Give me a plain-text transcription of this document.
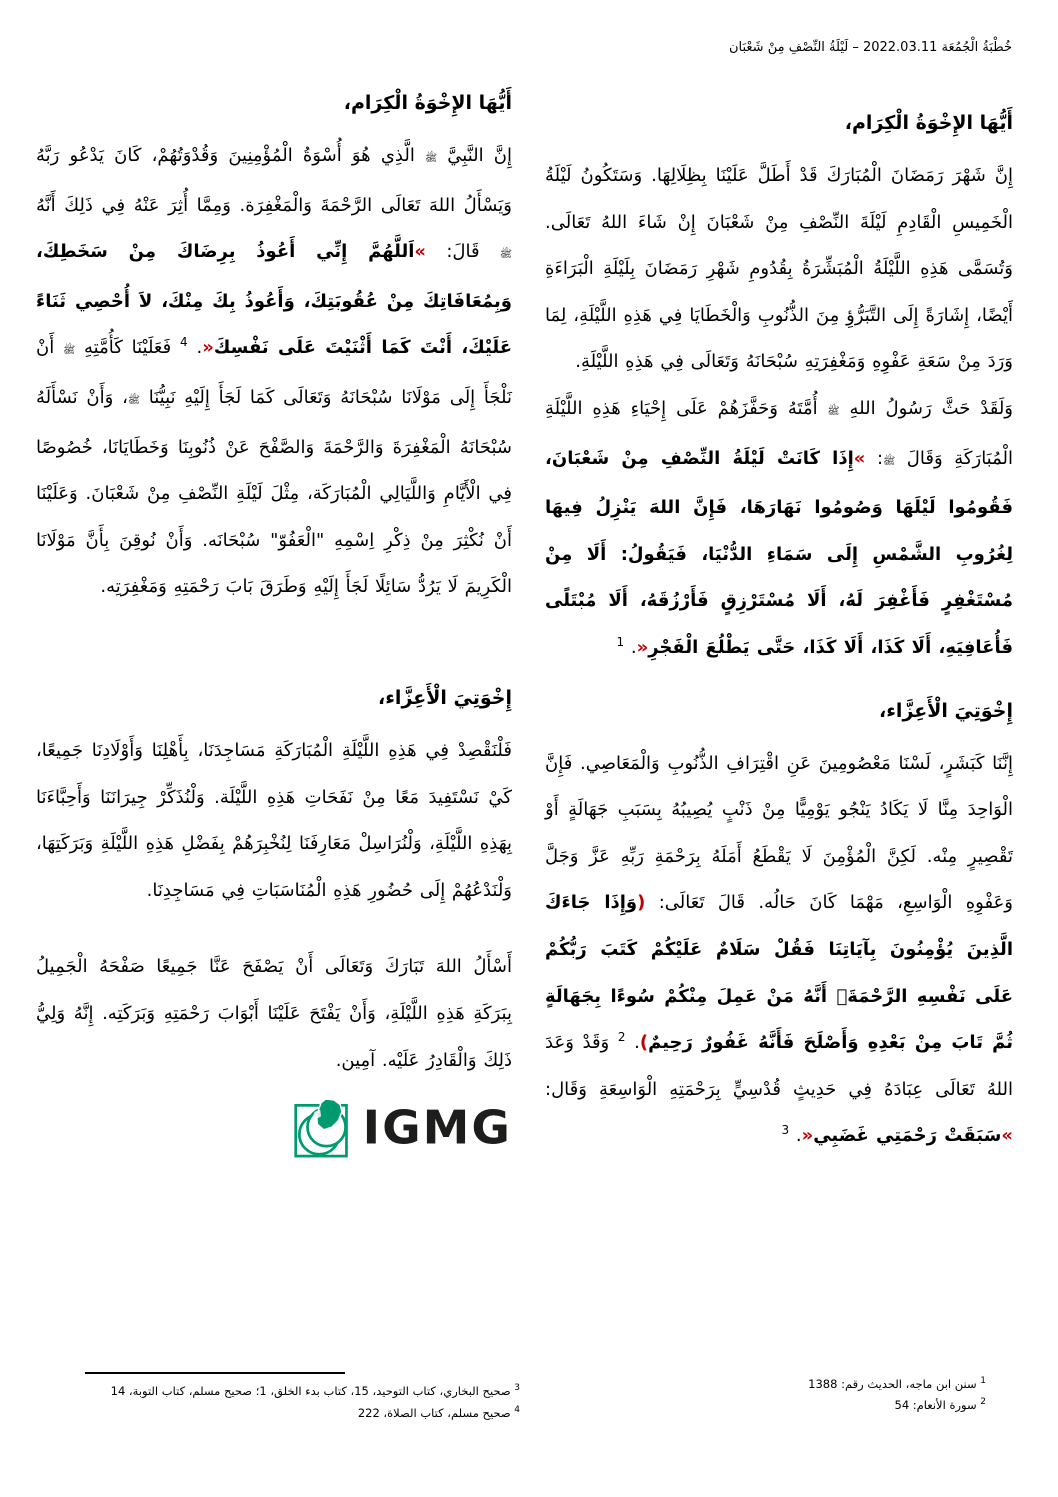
خُطْبَةُ الْجُمُعَة 2022.03.11 – لَيْلَةُ النِّصْفِ مِنْ شَعْبَان
أَيُّهَا الإِخْوَةُ الْكِرَام،

إِنَّ شَهْرَ رَمَضَانَ الْمُبَارَكَ قَدْ أَطَلَّ عَلَيْنَا بِظِلَالِهَا. وَسَتَكُونُ لَيْلَةُ الْخَمِيسِ الْقَادِمِ لَيْلَةَ النِّصْفِ مِنْ شَعْبَانَ إِنْ شَاءَ اللهُ تَعَالَى. وَتُسَمَّى هَذِهِ اللَّيْلَةُ الْمُبَشِّرَةُ بِقُدُومِ شَهْرِ رَمَضَانَ بِلَيْلَةِ الْبَرَاءَةِ أَيْضًا، إِشَارَةً إِلَى التَّبَرُّؤِ مِنَ الذُّنُوبِ وَالْخَطَايَا فِي هَذِهِ اللَّيْلَةِ، لِمَا وَرَدَ مِنْ سَعَةِ عَفْوِهِ وَمَغْفِرَتِهِ سُبْحَانَهُ وَتَعَالَى فِي هَذِهِ اللَّيْلَةِ.

وَلَقَدْ حَثَّ رَسُولُ اللهِ ﷺ أُمَّتَهُ وَحَفَّزَهُمْ عَلَى إِحْيَاءِ هَذِهِ اللَّيْلَةِ الْمُبَارَكَةِ وَقَالَ ﷺ: »إِذَا كَانَتْ لَيْلَةُ النِّصْفِ مِنْ شَعْبَانَ، فَقُومُوا لَيْلَهَا وَصُومُوا نَهَارَهَا، فَإِنَّ اللهَ يَنْزِلُ فِيهَا لِغُرُوبِ الشَّمْسِ إِلَى سَمَاءِ الدُّنْيَا، فَيَقُولُ: أَلَا مِنْ مُسْتَغْفِرٍ فَأَغْفِرَ لَهُ، أَلَا مُسْتَرْزِقٍ فَأَرْزُقَهُ، أَلَا مُبْتَلًى فَأُعَافِيَهِ، أَلَا كَذَا، أَلَا كَذَا، حَتَّى يَطْلُعَ الْفَجْرِ«. $^1$

إِخْوَتِيَ الْأَعِزَّاء،

إِنَّنَا كَبَشَرٍ، لَسْنَا مَعْصُومِينَ عَنِ اقْتِرَافِ الذُّنُوبِ وَالْمَعَاصِي. فَإِنَّ الْوَاحِدَ مِنَّا لَا يَكَادُ يَنْجُو يَوْمِيًّا مِنْ ذَنْبٍ يُصِيبُهُ بِسَبَبِ جَهَالَةٍ أَوْ تَقْصِيرٍ مِنْه. لَكِنَّ الْمُؤْمِنَ لَا يَقْطَعُ أَمَلَهُ بِرَحْمَةِ رَبِّهِ عَزَّ وَجَلَّ وَعَفْوِهِ الْوَاسِعِ، مَهْمَا كَانَ حَالُه. قَالَ تَعَالَى: (وَإِذَا جَاءَكَ الَّذِينَ يُؤْمِنُونَ بِآيَاتِنَا فَقُلْ سَلَامٌ عَلَيْكُمْ كَتَبَ رَبُّكُمْ عَلَى نَفْسِهِ الرَّحْمَةَۚ أَنَّهُ مَنْ عَمِلَ مِنْكُمْ سُوءًا بِجَهَالَةٍ ثُمَّ تَابَ مِنْ بَعْدِهِ وَأَصْلَحَ فَأَنَّهُ غَفُورٌ رَحِيمٌ). $^2$ وَقَدْ وَعَدَ اللهُ تَعَالَى عِبَادَهُ فِي حَدِيثٍ قُدْسِيٍّ بِرَحْمَتِهِ الْوَاسِعَةِ وَقَال: »سَبَقَتْ رَحْمَتِي غَضَبِي«. $^3$

أَيُّهَا الإِخْوَةُ الْكِرَام،

إِنَّ النَّبِيَّ ﷺ الَّذِي هُوَ أُسْوَةُ الْمُؤْمِنِينَ وَقُدْوَتُهُمْ، كَانَ يَدْعُو رَبَّهُ وَيَسْأَلُ اللهَ تَعَالَى الرَّحْمَةَ وَالْمَغْفِرَة. وَمِمَّا أُثِرَ عَنْهُ فِي ذَلِكَ أَنَّهُ ﷺ قَالَ: »اَللَّهُمَّ إِنِّي أَعُوذُ بِرِضَاكَ مِنْ سَخَطِكَ، وَبِمُعَافَاتِكَ مِنْ عُقُوبَتِكَ، وَأَعُوذُ بِكَ مِنْكَ، لاَ أُحْصِي ثَنَاءً عَلَيْكَ، أَنْتَ كَمَا أَثْنَيْتَ عَلَى نَفْسِكَ«. $^4$ فَعَلَيْنَا كَأُمَّتِهِ ﷺ أَنْ نَلْجَأَ إِلَى مَوْلَانَا سُبْحَانَهُ وَتَعَالَى كَمَا لَجَأَ إِلَيْهِ نَبِيُّنَا ﷺ، وَأَنْ نَسْأَلَهُ سُبْحَانَهُ الْمَغْفِرَةَ وَالرَّحْمَةَ وَالصَّفْحَ عَنْ ذُنُوبِنَا وَخَطَايَانَا، خُصُوصًا فِي الْأَيَّامِ وَاللَّيَالِي الْمُبَارَكَة، مِثْلَ لَيْلَةِ النِّصْفِ مِنْ شَعْبَانَ. وَعَلَيْنَا أَنْ نُكْثِرَ مِنْ ذِكْرِ اِسْمِهِ "الْعَفُوّ" سُبْحَانَه. وَأَنْ نُوقِنَ بِأَنَّ مَوْلَانَا الْكَرِيمَ لَا يَرُدُّ سَائِلًا لَجَأَ إِلَيْهِ وَطَرَقَ بَابَ رَحْمَتِهِ وَمَغْفِرَتِه.

إِخْوَتِيَ الْأَعِزَّاء،

فَلْنَقْصِدْ فِي هَذِهِ اللَّيْلَةِ الْمُبَارَكَةِ مَسَاجِدَنَا، بِأَهْلِنَا وَأَوْلَادِنَا جَمِيعًا، كَيْ نَسْتَفِيدَ مَعًا مِنْ نَفَحَاتِ هَذِهِ اللَّيْلَة. وَلْنُذَكِّرْ جِيرَانَنَا وَأَحِبَّاءَنَا بِهَذِهِ اللَّيْلَةِ، وَلْنُرَاسِلْ مَعَارِفَنَا لِنُخْبِرَهُمْ بِفَضْلِ هَذِهِ اللَّيْلَةِ وَبَرَكَتِهَا، وَلْنَدْعُهُمْ إِلَى حُضُورِ هَذِهِ الْمُنَاسَبَاتِ فِي مَسَاجِدِنَا.

أَسْأَلُ اللهَ تَبَارَكَ وَتَعَالَى أَنْ يَصْفَحَ عَنَّا جَمِيعًا صَفْحَهُ الْجَمِيلُ بِبَرَكَةِ هَذِهِ اللَّيْلَةِ، وَأَنْ يَفْتَحَ عَلَيْنَا أَبْوَابَ رَحْمَتِهِ وَبَرَكَتِه. إِنَّهُ وَلِيُّ ذَلِكَ وَالْقَادِرُ عَلَيْه. آمِين.

IGMG
$^3$ صحيح البخاري، كتاب التوحيد، 15، كتاب بدء الخلق، 1؛ صحيح مسلم، كتاب التوبة، 14
$^4$ صحيح مسلم، كتاب الصلاة، 222
$^1$ سنن ابن ماجه، الحديث رقم: 1388
$^2$ سورة الأنعام: 54
